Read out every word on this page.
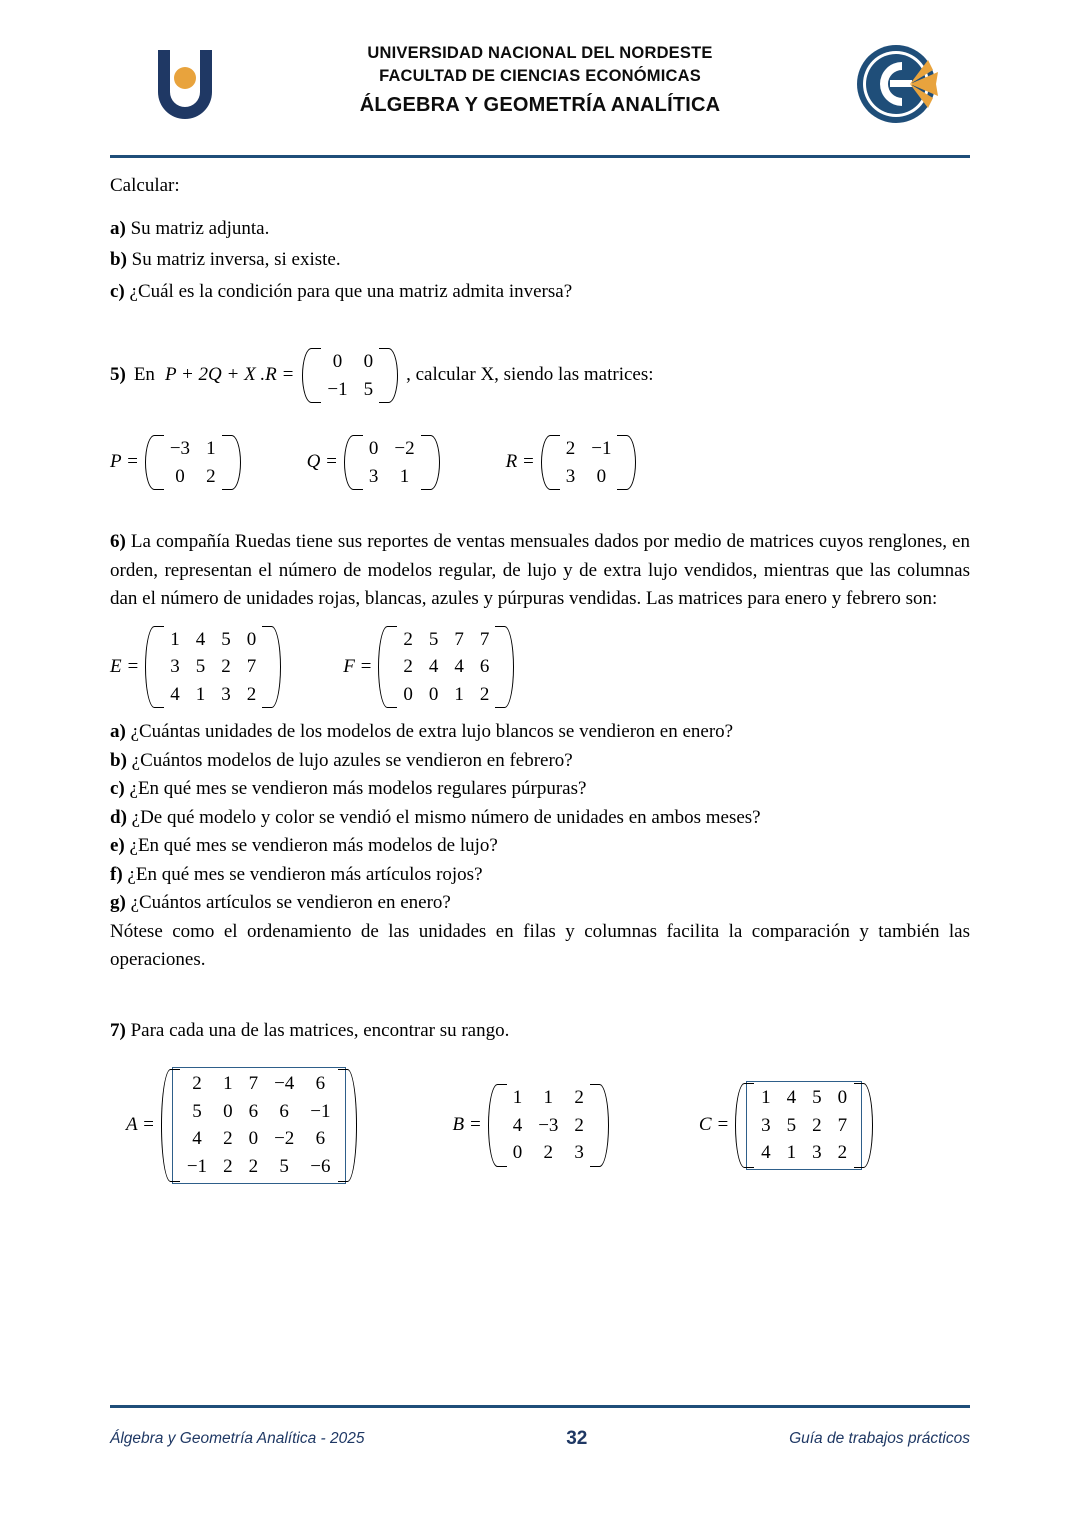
UNIVERSIDAD NACIONAL DEL NORDESTE
FACULTAD DE CIENCIAS ECONÓMICAS
ÁLGEBRA Y GEOMETRÍA ANALÍTICA
Calcular:
a) Su matriz adjunta.
b) Su matriz inversa, si existe.
c) ¿Cuál es la condición para que una matriz admita inversa?
5) En P + 2Q + X .R =
0	0
−1 5
, calcular X, siendo las matrices:
P =
−3 1
0	2
Q =
0 −2
3	1
R =
2 −1
3	0
6) La compañía Ruedas tiene sus reportes de ventas mensuales dados por medio de matrices cuyos renglones, en orden, representan el número de modelos regular, de lujo y de extra lujo vendidos, mientras que las columnas dan el número de unidades rojas, blancas, azules y púrpuras vendidas. Las matrices para enero y febrero son:
E =
1 4 5 0
3 5 2 7
4 1 3 2
F =
2 5 7 7
2 4 4 6
0 0 1 2
a) ¿Cuántas unidades de los modelos de extra lujo blancos se vendieron en enero?
b) ¿Cuántos modelos de lujo azules se vendieron en febrero?
c) ¿En qué mes se vendieron más modelos regulares púrpuras?
d) ¿De qué modelo y color se vendió el mismo número de unidades en ambos meses?
e) ¿En qué mes se vendieron más modelos de lujo?
f) ¿En qué mes se vendieron más artículos rojos?
g) ¿Cuántos artículos se vendieron en enero?
Nótese como el ordenamiento de las unidades en filas y columnas facilita la comparación y también las operaciones.
7) Para cada una de las matrices, encontrar su rango.
A =
2	1 7 −4	6
5	0 6	6	−1
4	2 0 −2	6
−1 2 2	5	−6
B =
1	1	2
4 −3 2
0	2	3
C =
1 4 5 0
3 5 2 7
4 1 3 2
Álgebra y Geometría Analítica - 2025	32	Guía de trabajos prácticos
